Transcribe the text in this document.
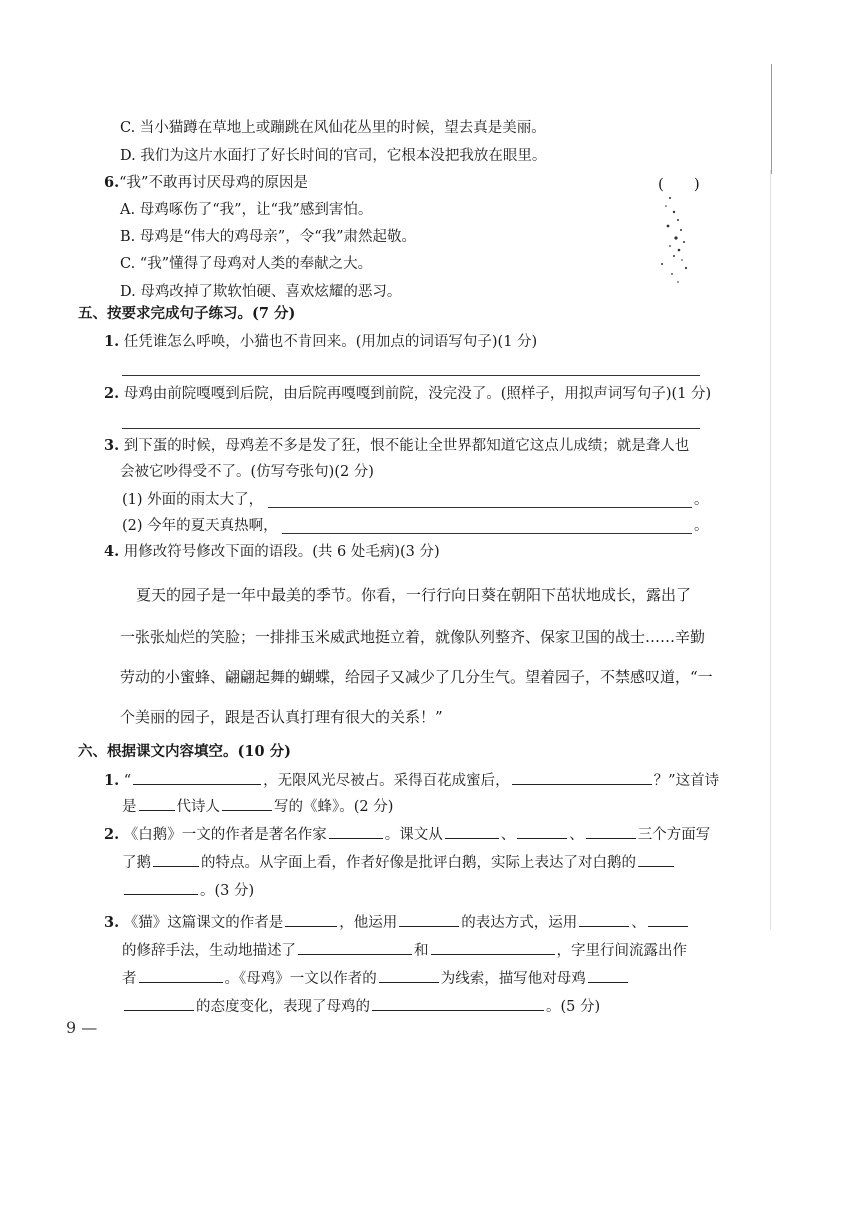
C. 当小猫蹲在草地上或蹦跳在风仙花丛里的时候，望去真是美丽。
D. 我们为这片水面打了好长时间的官司，它根本没把我放在眼里。
6.“我”不敢再讨厌母鸡的原因是	(　　)
A. 母鸡啄伤了“我”，让“我”感到害怕。
B. 母鸡是“伟大的鸡母亲”，令“我”肃然起敬。
C. “我”懂得了母鸡对人类的奉献之大。
D. 母鸡改掉了欺软怕硬、喜欢炫耀的恶习。
五、按要求完成句子练习。(7 分)
1. 任凭谁怎么呼唤，小猫也不肯回来。(用加点的词语写句子)(1 分)
2. 母鸡由前院嘎嘎到后院，由后院再嘎嘎到前院，没完没了。(照样子，用拟声词写句子)(1 分)
3. 到下蛋的时候，母鸡差不多是发了狂，恨不能让全世界都知道它这点儿成绩；就是聋人也
会被它吵得受不了。(仿写夸张句)(2 分)
(1) 外面的雨太大了，	。
(2) 今年的夏天真热啊，	。
4. 用修改符号修改下面的语段。(共 6 处毛病)(3 分)
夏天的园子是一年中最美的季节。你看，一行行向日葵在朝阳下茁状地成长，露出了
一张张灿烂的笑脸；一排排玉米威武地挺立着，就像队列整齐、保家卫国的战士……辛勤
劳动的小蜜蜂、翩翩起舞的蝴蝶，给园子又减少了几分生气。望着园子，不禁感叹道，“一
个美丽的园子，跟是否认真打理有很大的关系！”
六、根据课文内容填空。(10 分)
1. “	，无限风光尽被占。采得百花成蜜后，	？”这首诗
是	代诗人	写的《蜂》。(2 分)
2. 《白鹅》一文的作者是著名作家	。课文从	、	、	三个方面写
了鹅	的特点。从字面上看，作者好像是批评白鹅，实际上表达了对白鹅的
。(3 分)
3. 《猫》这篇课文的作者是	，他运用	的表达方式，运用	、
的修辞手法，生动地描述了	和	，字里行间流露出作
者	。《母鸡》一文以作者的	为线索，描写他对母鸡
的态度变化，表现了母鸡的	。(5 分)
9 —
